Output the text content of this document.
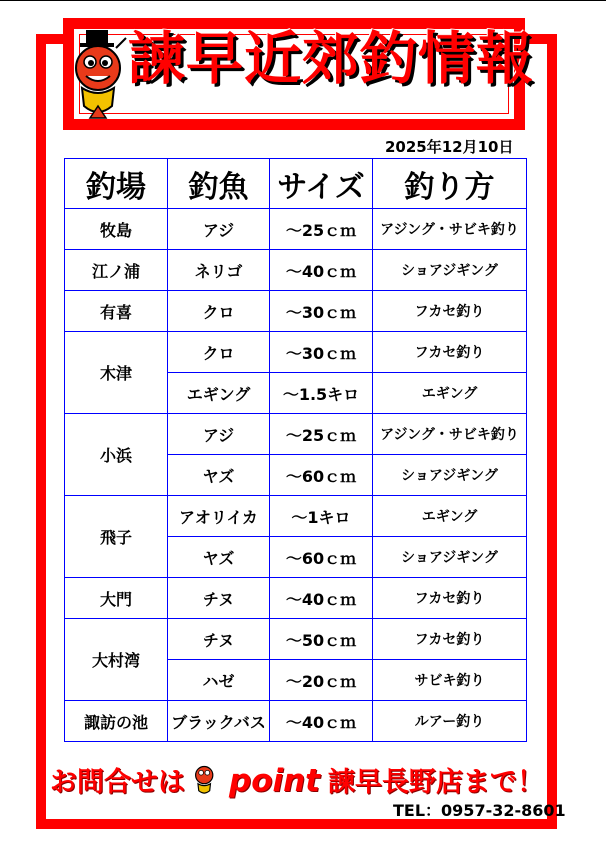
諫早近郊釣情報
2025年12月10日
釣場	釣魚	サイズ	釣り方
牧島	アジ	～25ｃｍ	アジング・サビキ釣り
江ノ浦	ネリゴ	～40ｃｍ	ショアジギング
有喜	クロ	～30ｃｍ	フカセ釣り
木津	クロ	～30ｃｍ	フカセ釣り
	エギング	～1.5キロ	エギング
小浜	アジ	～25ｃｍ	アジング・サビキ釣り
	ヤズ	～60ｃｍ	ショアジギング
飛子	アオリイカ	～1キロ	エギング
	ヤズ	～60ｃｍ	ショアジギング
大門	チヌ	～40ｃｍ	フカセ釣り
大村湾	チヌ	～50ｃｍ	フカセ釣り
	ハゼ	～20ｃｍ	サビキ釣り
諏訪の池	ブラックバス	～40ｃｍ	ルアー釣り
お問合せは point 諫早長野店まで！
TEL：0957-32-8601
